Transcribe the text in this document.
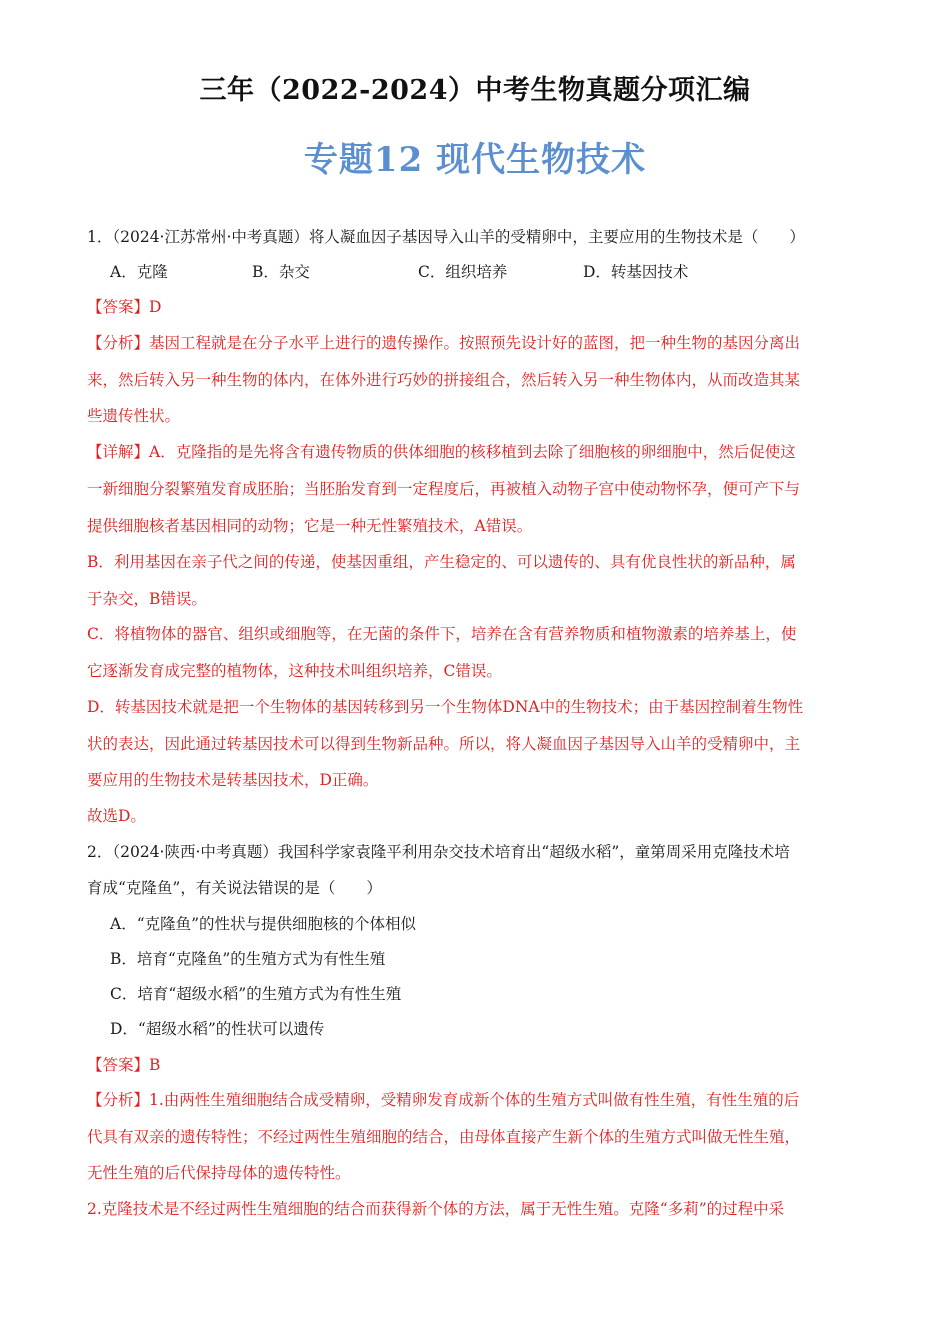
三年（2022-2024）中考生物真题分项汇编
专题12 现代生物技术
1．（2024·江苏常州·中考真题）将人凝血因子基因导入山羊的受精卵中，主要应用的生物技术是（　　）
A．克隆	B．杂交	C．组织培养	D．转基因技术
【答案】D
【分析】基因工程就是在分子水平上进行的遗传操作。按照预先设计好的蓝图，把一种生物的基因分离出
来，然后转入另一种生物的体内，在体外进行巧妙的拼接组合，然后转入另一种生物体内，从而改造其某
些遗传性状。
【详解】A．克隆指的是先将含有遗传物质的供体细胞的核移植到去除了细胞核的卵细胞中，然后促使这
一新细胞分裂繁殖发育成胚胎；当胚胎发育到一定程度后，再被植入动物子宫中使动物怀孕，便可产下与
提供细胞核者基因相同的动物；它是一种无性繁殖技术，A错误。
B．利用基因在亲子代之间的传递，使基因重组，产生稳定的、可以遗传的、具有优良性状的新品种，属
于杂交，B错误。
C．将植物体的器官、组织或细胞等，在无菌的条件下，培养在含有营养物质和植物激素的培养基上，使
它逐渐发育成完整的植物体，这种技术叫组织培养，C错误。
D．转基因技术就是把一个生物体的基因转移到另一个生物体DNA中的生物技术；由于基因控制着生物性
状的表达，因此通过转基因技术可以得到生物新品种。所以，将人凝血因子基因导入山羊的受精卵中，主
要应用的生物技术是转基因技术，D正确。
故选D。
2．（2024·陕西·中考真题）我国科学家袁隆平利用杂交技术培育出“超级水稻”，童第周采用克隆技术培
育成“克隆鱼”，有关说法错误的是（　　）
A．“克隆鱼”的性状与提供细胞核的个体相似
B．培育“克隆鱼”的生殖方式为有性生殖
C．培育“超级水稻”的生殖方式为有性生殖
D．“超级水稻”的性状可以遗传
【答案】B
【分析】1.由两性生殖细胞结合成受精卵，受精卵发育成新个体的生殖方式叫做有性生殖，有性生殖的后
代具有双亲的遗传特性；不经过两性生殖细胞的结合，由母体直接产生新个体的生殖方式叫做无性生殖，
无性生殖的后代保持母体的遗传特性。
2.克隆技术是不经过两性生殖细胞的结合而获得新个体的方法，属于无性生殖。克隆“多莉”的过程中采
